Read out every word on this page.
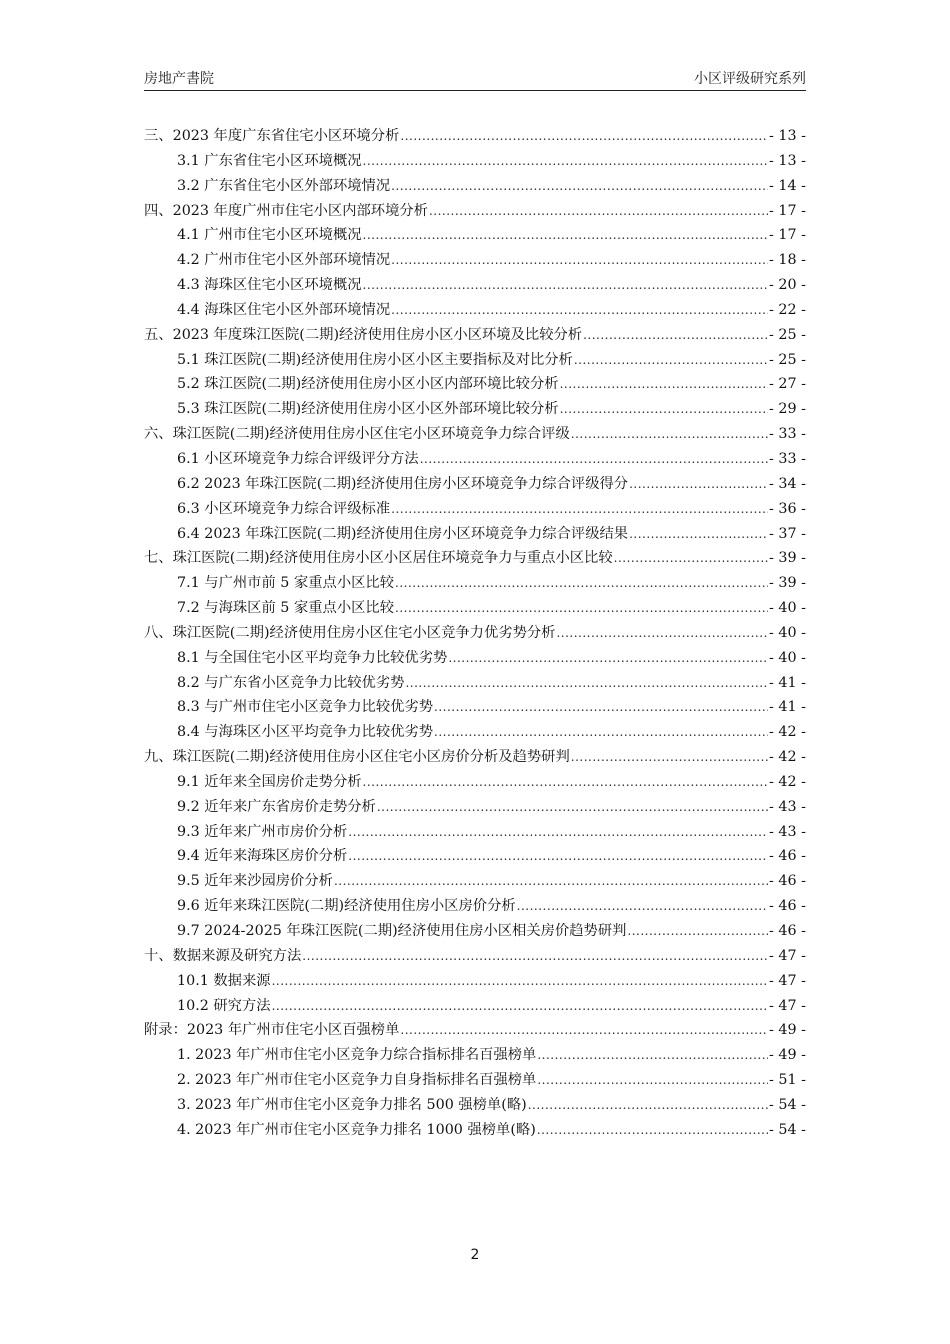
房地产書院	小区评级研究系列
三、2023 年度广东省住宅小区环境分析 .....	- 13 -
3.1 广东省住宅小区环境概况 .....	- 13 -
3.2 广东省住宅小区外部环境情况 .....	- 14 -
四、2023 年度广州市住宅小区内部环境分析 .....	- 17 -
4.1 广州市住宅小区环境概况 .....	- 17 -
4.2 广州市住宅小区外部环境情况 .....	- 18 -
4.3 海珠区住宅小区环境概况 .....	- 20 -
4.4 海珠区住宅小区外部环境情况 .....	- 22 -
五、2023 年度珠江医院(二期)经济使用住房小区小区环境及比较分析 .....	- 25 -
5.1 珠江医院(二期)经济使用住房小区小区主要指标及对比分析 .....	- 25 -
5.2 珠江医院(二期)经济使用住房小区小区内部环境比较分析 .....	- 27 -
5.3 珠江医院(二期)经济使用住房小区小区外部环境比较分析 .....	- 29 -
六、珠江医院(二期)经济使用住房小区住宅小区环境竞争力综合评级 .....	- 33 -
6.1 小区环境竞争力综合评级评分方法 .....	- 33 -
6.2 2023 年珠江医院(二期)经济使用住房小区环境竞争力综合评级得分 .....	- 34 -
6.3 小区环境竞争力综合评级标准 .....	- 36 -
6.4 2023 年珠江医院(二期)经济使用住房小区环境竞争力综合评级结果 .....	- 37 -
七、珠江医院(二期)经济使用住房小区小区居住环境竞争力与重点小区比较 .....	- 39 -
7.1 与广州市前 5 家重点小区比较 .....	- 39 -
7.2 与海珠区前 5 家重点小区比较 .....	- 40 -
八、珠江医院(二期)经济使用住房小区住宅小区竞争力优劣势分析 .....	- 40 -
8.1 与全国住宅小区平均竞争力比较优劣势 .....	- 40 -
8.2 与广东省小区竞争力比较优劣势 .....	- 41 -
8.3 与广州市住宅小区竞争力比较优劣势 .....	- 41 -
8.4 与海珠区小区平均竞争力比较优劣势 .....	- 42 -
九、珠江医院(二期)经济使用住房小区住宅小区房价分析及趋势研判 .....	- 42 -
9.1 近年来全国房价走势分析 .....	- 42 -
9.2 近年来广东省房价走势分析 .....	- 43 -
9.3 近年来广州市房价分析 .....	- 43 -
9.4 近年来海珠区房价分析 .....	- 46 -
9.5 近年来沙园房价分析 .....	- 46 -
9.6 近年来珠江医院(二期)经济使用住房小区房价分析 .....	- 46 -
9.7 2024-2025 年珠江医院(二期)经济使用住房小区相关房价趋势研判 .....	- 46 -
十、数据来源及研究方法 .....	- 47 -
10.1 数据来源 .....	- 47 -
10.2 研究方法 .....	- 47 -
附录：2023 年广州市住宅小区百强榜单 .....	- 49 -
1. 2023 年广州市住宅小区竞争力综合指标排名百强榜单 .....	- 49 -
2. 2023 年广州市住宅小区竞争力自身指标排名百强榜单 .....	- 51 -
3. 2023 年广州市住宅小区竞争力排名 500 强榜单(略) .....	- 54 -
4. 2023 年广州市住宅小区竞争力排名 1000 强榜单(略) .....	- 54 -
2
